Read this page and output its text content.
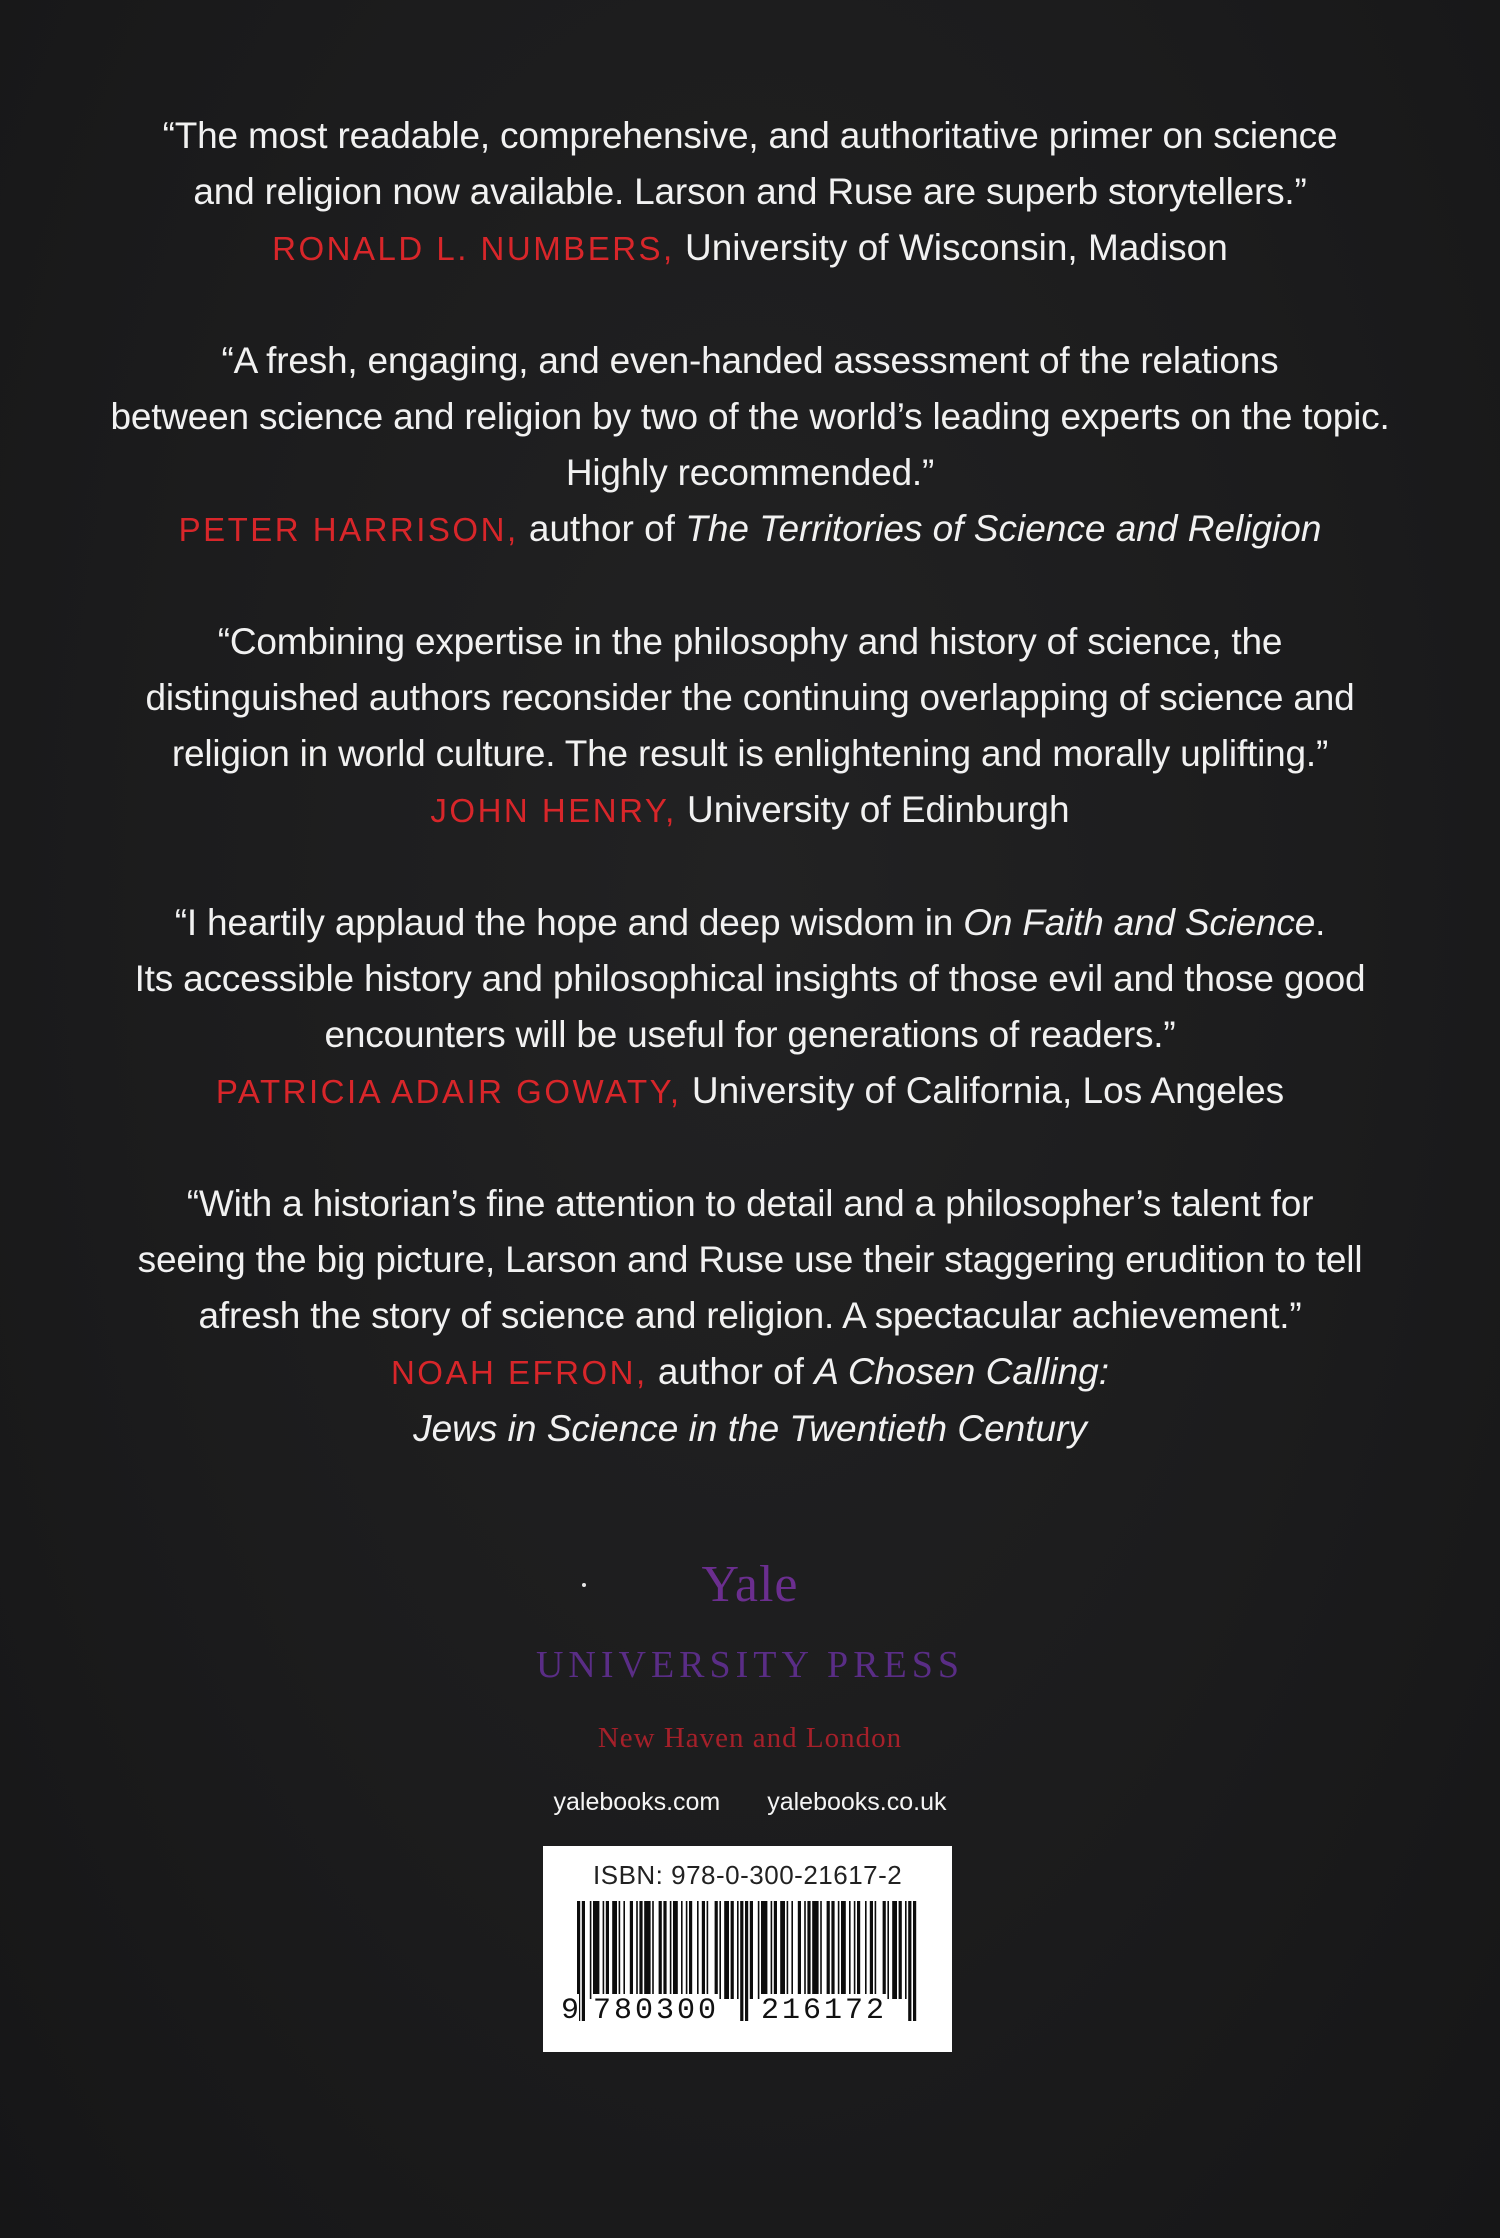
“The most readable, comprehensive, and authoritative primer on science
and religion now available. Larson and Ruse are superb storytellers.”
RONALD L. NUMBERS , University of Wisconsin, Madison
“A fresh, engaging, and even-handed assessment of the relations
between science and religion by two of the world’s leading experts on the topic.
Highly recommended.”
PETER HARRISON , author of The Territories of Science and Religion
“Combining expertise in the philosophy and history of science, the
distinguished authors reconsider the continuing overlapping of science and
religion in world culture. The result is enlightening and morally uplifting.”
JOHN HENRY , University of Edinburgh
“I heartily applaud the hope and deep wisdom in On Faith and Science.
Its accessible history and philosophical insights of those evil and those good
encounters will be useful for generations of readers.”
PATRICIA ADAIR GOWATY , University of California, Los Angeles
“With a historian’s fine attention to detail and a philosopher’s talent for
seeing the big picture, Larson and Ruse use their staggering erudition to tell
afresh the story of science and religion. A spectacular achievement.”
NOAH EFRON , author of A Chosen Calling:
Jews in Science in the Twentieth Century
Yale
UNIVERSITY PRESS
New Haven and London
yalebooks.com yalebooks.co.uk
ISBN: 978-0-300-21617-2
9 780300 216172
